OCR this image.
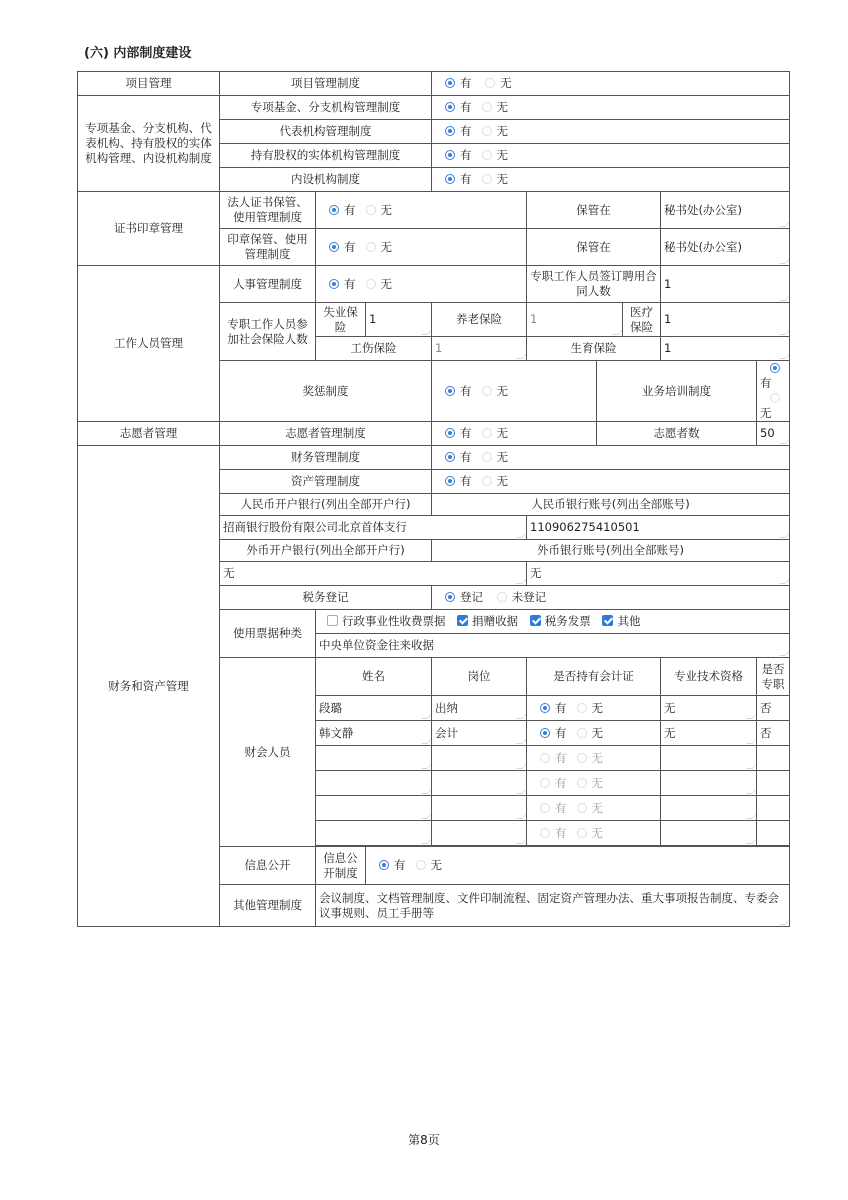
(六) 内部制度建设
项目管理	项目管理制度			有 无					
专项基金、分支机构、代表机构、持有股权的实体机构管理、内设机构制度	专项基金、分支机构管理制度			有 无					
	代表机构管理制度			有 无					
	持有股权的实体机构管理制度			有 无					
	内设机构制度			有 无					
证书印章管理	法人证书保管、使用管理制度	有 无			保管在			秘书处(办公室)	
	印章保管、使用管理制度	有 无			保管在			秘书处(办公室)	
工作人员管理	人事管理制度	有 无			专职工作人员签订聘用合同人数			1	
	专职工作人员参加社会保险人数	失业保险	1	养老保险	1		医疗保险	1	
		工伤保险		1	生育保险			1	
	奖惩制度			有 无		业务培训制度			有无
志愿者管理	志愿者管理制度			有 无		志愿者数			50
财务和资产管理	财务管理制度			有 无					
	资产管理制度			有 无					
	人民币开户银行(列出全部开户行)			人民币银行账号(列出全部账号)					
	招商银行股份有限公司北京首体支行				110906275410501				
	外币开户银行(列出全部开户行)			外币银行账号(列出全部账号)					
	无				无				
	税务登记			登记 未登记					
	使用票据种类	行政事业性收费票据 捐赠收据 税务发票 其他							
		中央单位资金往来收据							
	财会人员	姓名		岗位	是否持有会计证			专业技术资格	是否专职
		段璐		出纳	有 无			无	否
		韩文静		会计	有 无			无	否
					有 无				
					有 无				
					有 无				
					有 无				

	信息公开	信息公开制度	有 无						
	其他管理制度	会议制度、文档管理制度、文件印制流程、固定资产管理办法、重大事项报告制度、专委会议事规则、员工手册等							
第8页
